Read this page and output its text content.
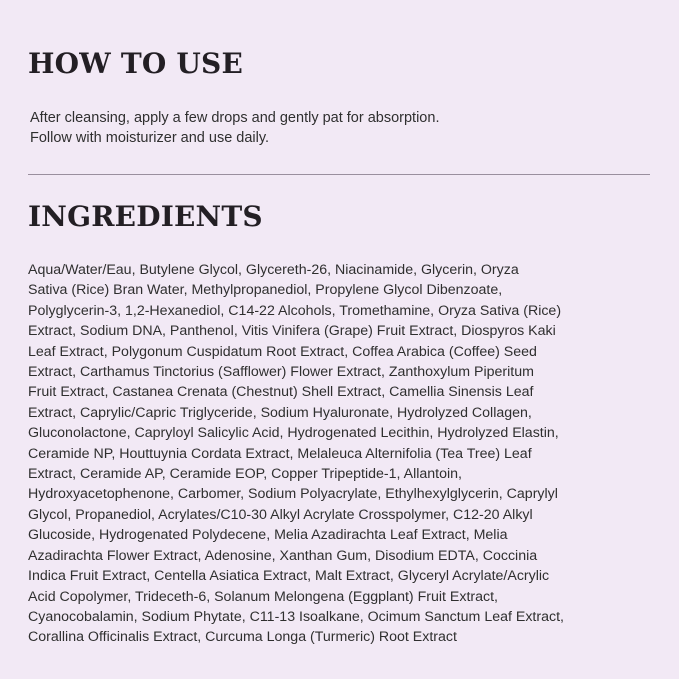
HOW TO USE
After cleansing, apply a few drops and gently pat for absorption.
Follow with moisturizer and use daily.
INGREDIENTS
Aqua/Water/Eau, Butylene Glycol, Glycereth-26, Niacinamide, Glycerin, Oryza
Sativa (Rice) Bran Water, Methylpropanediol, Propylene Glycol Dibenzoate,
Polyglycerin-3, 1,2-Hexanediol, C14-22 Alcohols, Tromethamine, Oryza Sativa (Rice)
Extract, Sodium DNA, Panthenol, Vitis Vinifera (Grape) Fruit Extract, Diospyros Kaki
Leaf Extract, Polygonum Cuspidatum Root Extract, Coffea Arabica (Coffee) Seed
Extract, Carthamus Tinctorius (Safflower) Flower Extract, Zanthoxylum Piperitum
Fruit Extract, Castanea Crenata (Chestnut) Shell Extract, Camellia Sinensis Leaf
Extract, Caprylic/Capric Triglyceride, Sodium Hyaluronate, Hydrolyzed Collagen,
Gluconolactone, Capryloyl Salicylic Acid, Hydrogenated Lecithin, Hydrolyzed Elastin,
Ceramide NP, Houttuynia Cordata Extract, Melaleuca Alternifolia (Tea Tree) Leaf
Extract, Ceramide AP, Ceramide EOP, Copper Tripeptide-1, Allantoin,
Hydroxyacetophenone, Carbomer, Sodium Polyacrylate, Ethylhexylglycerin, Caprylyl
Glycol, Propanediol, Acrylates/C10-30 Alkyl Acrylate Crosspolymer, C12-20 Alkyl
Glucoside, Hydrogenated Polydecene, Melia Azadirachta Leaf Extract, Melia
Azadirachta Flower Extract, Adenosine, Xanthan Gum, Disodium EDTA, Coccinia
Indica Fruit Extract, Centella Asiatica Extract, Malt Extract, Glyceryl Acrylate/Acrylic
Acid Copolymer, Trideceth-6, Solanum Melongena (Eggplant) Fruit Extract,
Cyanocobalamin, Sodium Phytate, C11-13 Isoalkane, Ocimum Sanctum Leaf Extract,
Corallina Officinalis Extract, Curcuma Longa (Turmeric) Root Extract
